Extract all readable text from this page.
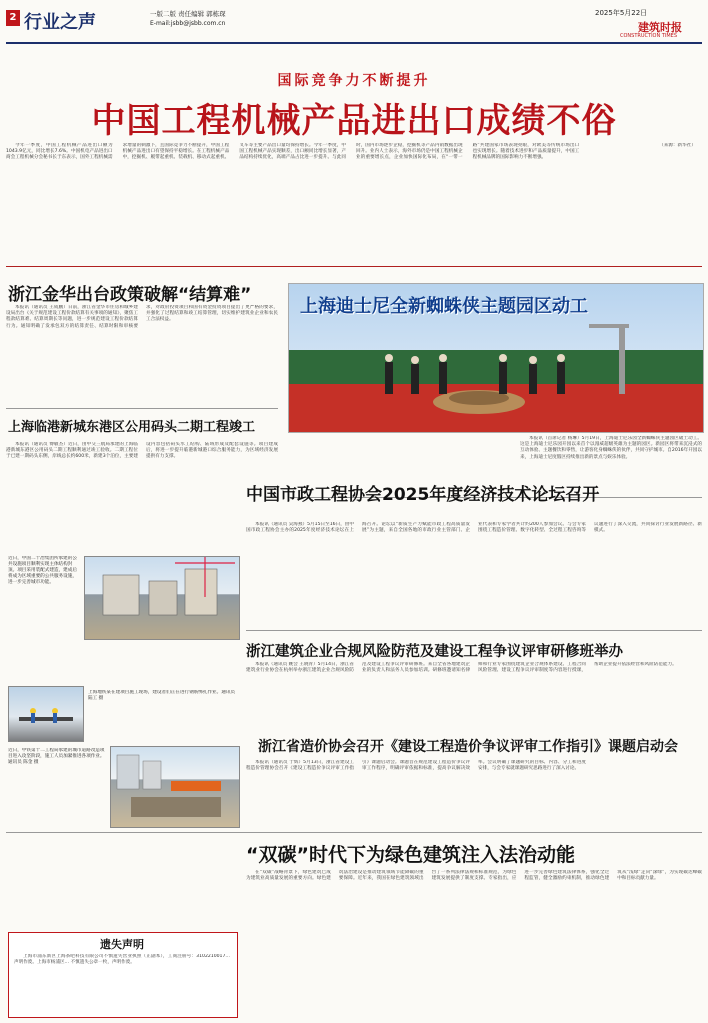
2 行业之声	一版二版 责任编辑 郭栋琛
E-mail:jsbb@jsbb.com.cn
2025年5月22日
建筑时报
CONSTRUCTION TIMES
国际竞争力不断提升
中国工程机械产品进出口成绩不俗

今年一季度，中国工程机械产品进出口额为1043.9亿元，同比增长7.6%。中国机电产品进出口商会工程机械分会秘书长于东表示，国外工程机械需求增量的刺激下，且国际竞争力不断提升，中国工程机械产品进出口有望保持平稳增长。在工程机械产品中，挖掘机、履带起重机、装载机、移动式起重机、叉车等主要产品出口量均保持增长。今年一季度，中国工程机械产品实现顺差，出口额同比增长显著，产品结构持续优化，高端产品占比进一步提升。与此同时，国内市场逐步企稳，挖掘机等产品内销数据出现回升。业内人士表示，海外市场仍是中国工程机械企业的重要增长点，企业加快国际化布局，在“一带一路”共建国家市场表现亮眼，对欧美等传统市场出口也实现增长。随着技术进步和产品质量提升，中国工程机械品牌的国际影响力不断增强。

（来源：新华社）

浙江金华出台政策破解“结算难”

本报讯（通讯员 王成鹏）日前，浙江省金华市住房和城乡建设局出台《关于规范建设工程价款结算有关事项的通知》，聚焦工程款结算难、结算周期长等问题，进一步规范建设工程价款结算行为。通知明确了发承包双方的结算责任、结算时限和审核要求，对政府投资项目和国有资金投资项目提出了更严格的要求，并强化了过程结算和竣工结算管理，切实维护建筑业企业和农民工合法权益。

上海临港新城东港区公用码头二期工程竣工

本报讯（通讯员 傅敏杰）近日，由中交三航局承建的上海临港新城东港区公用码头二期工程顺利通过竣工验收。二期工程位于已建一期码头东侧，岸线总长约600米，新建3个泊位，主要建设内容包括码头水工结构、陆域形成及配套设施等。项目建成后，将进一步提升临港新城港口综合服务能力，为区域经济发展提供有力支撑。

上海迪士尼全新蜘蛛侠主题园区动工

本报讯（首席记者 杨琳）5月19日，上海迪士尼乐园全新蜘蛛侠主题园区破土动工。这是上海迪士尼乐园开园以来首个以漫威超级英雄为主题的园区。新园区将带来沉浸式的互动体验、主题餐饮和零售，让游客化身蜘蛛侠的伙伴，共同守护城市。自2016年开园以来，上海迪士尼度假区持续推出新的景点与娱乐体验。

中国市政工程协会2025年度经济技术论坛召开

本报讯（通讯员 吴海燕）5月15日至16日，由中国市政工程协会主办的2025年度经济技术论坛在上海召开。论坛以“新质生产力赋能市政工程高质量发展”为主题，来自全国各地的市政行业主管部门、企业代表和专家学者共计约200人参加会议。与会专家围绕工程造价管理、数字化转型、全过程工程咨询等议题进行了深入交流，共同探讨行业发展新路径、新模式。

近日，中国二十冶集团所承建的公共设施项目顺利实现主体结构封顶。项目采用装配式建造，建成后将成为区域重要的公共服务设施，进一步完善城市功能。
上海地铁某在建项目施工现场，建设者们正在进行钢筋绑扎作业。通讯员 陆工 摄
近日，中铁第十二工程局承建的城市道路改造项目进入攻坚阶段，施工人员加紧推进各项作业。通讯员 陈金 摄
浙江建筑企业合规风险防范及建设工程争议评审研修班举办

本报讯（通讯员 姚会 王晓青）5月14日，浙江省建筑业行业协会在杭州举办浙江建筑企业合规风险防范及建设工程争议评审研修班。来自全省各地建筑企业的负责人和法务人员参加培训。研修班邀请知名律师和行业专家围绕建筑企业合规体系建设、工程合同风险管理、建设工程争议评审制度等内容进行授课，帮助企业提升依法经营和风险防范能力。

浙江省造价协会召开《建设工程造价争议评审工作指引》课题启动会

本报讯（通讯员 于辉）5月13日，浙江省建设工程造价管理协会召开《建设工程造价争议评审工作指引》课题启动会。课题旨在规范建设工程造价争议评审工作程序，明确评审依据和标准，提高争议解决效率。会议明确了课题研究的目标、内容、分工和进度安排，与会专家就课题研究思路进行了深入讨论。

“双碳”时代下为绿色建筑注入法治动能

在“双碳”战略背景下，绿色建筑已成为建筑业高质量发展的重要方向。绿色建筑法治建设是推动建筑领域节能降碳的重要保障。近年来，我国在绿色建筑领域出台了一系列法律法规和标准规范，为绿色建筑发展提供了制度支撑。专家指出，应进一步完善绿色建筑法律体系，强化全过程监管，健全激励约束机制，推动绿色建筑从“浅绿”走向“深绿”，为实现碳达峰碳中和目标贡献力量。

遗失声明

上海市浦东新区上海茶吧科技有限公司不慎遗失营业执照（正副本），工商注册号：3102210017… 声明作废。上海市杨浦区… 不慎遗失公章一枚，声明作废。
